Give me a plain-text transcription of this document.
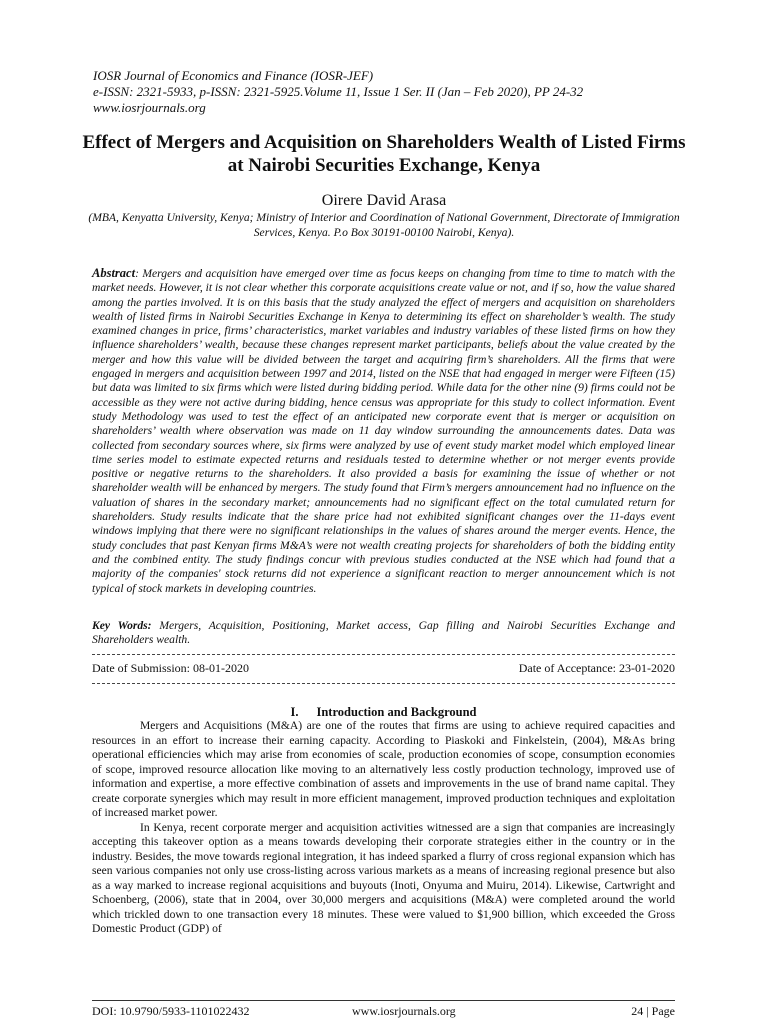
IOSR Journal of Economics and Finance (IOSR-JEF)
e-ISSN: 2321-5933, p-ISSN: 2321-5925.Volume 11, Issue 1 Ser. II (Jan – Feb 2020), PP 24-32
www.iosrjournals.org
Effect of Mergers and Acquisition on Shareholders Wealth of Listed Firms at Nairobi Securities Exchange, Kenya
Oirere David Arasa
(MBA, Kenyatta University, Kenya; Ministry of Interior and Coordination of National Government, Directorate of Immigration Services, Kenya. P.o Box 30191-00100 Nairobi, Kenya).
Abstract: Mergers and acquisition have emerged over time as focus keeps on changing from time to time to match with the market needs. However, it is not clear whether this corporate acquisitions create value or not, and if so, how the value shared among the parties involved. It is on this basis that the study analyzed the effect of mergers and acquisition on shareholders wealth of listed firms in Nairobi Securities Exchange in Kenya to determining its effect on shareholder’s wealth. The study examined changes in price, firms’ characteristics, market variables and industry variables of these listed firms on how they influence shareholders’ wealth, because these changes represent market participants, beliefs about the value created by the merger and how this value will be divided between the target and acquiring firm’s shareholders. All the firms that were engaged in mergers and acquisition between 1997 and 2014, listed on the NSE that had engaged in merger were Fifteen (15) but data was limited to six firms which were listed during bidding period. While data for the other nine (9) firms could not be accessible as they were not active during bidding, hence census was appropriate for this study to collect information. Event study Methodology was used to test the effect of an anticipated new corporate event that is merger or acquisition on shareholders’ wealth where observation was made on 11 day window surrounding the announcements dates. Data was collected from secondary sources where, six firms were analyzed by use of event study market model which employed linear time series model to estimate expected returns and residuals tested to determine whether or not merger events provide positive or negative returns to the shareholders. It also provided a basis for examining the issue of whether or not shareholder wealth will be enhanced by mergers. The study found that Firm’s mergers announcement had no influence on the valuation of shares in the secondary market; announcements had no significant effect on the total cumulated return for shareholders. Study results indicate that the share price had not exhibited significant changes over the 11-days event windows implying that there were no significant relationships in the values of shares around the merger events. Hence, the study concludes that past Kenyan firms M&A’s were not wealth creating projects for shareholders of both the bidding entity and the combined entity. The study findings concur with previous studies conducted at the NSE which had found that a majority of the companies' stock returns did not experience a significant reaction to merger announcement which is not typical of stock markets in developing countries.
Key Words: Mergers, Acquisition, Positioning, Market access, Gap filling and Nairobi Securities Exchange and Shareholders wealth.
Date of Submission: 08-01-2020	Date of Acceptance: 23-01-2020
I. Introduction and Background

Mergers and Acquisitions (M&A) are one of the routes that firms are using to achieve required capacities and resources in an effort to increase their earning capacity. According to Piaskoki and Finkelstein, (2004), M&As bring operational efficiencies which may arise from economies of scale, production economies of scope, consumption economies of scope, improved resource allocation like moving to an alternatively less costly production technology, improved use of information and expertise, a more effective combination of assets and improvements in the use of brand name capital. They create corporate synergies which may result in more efficient management, improved production techniques and exploitation of increased market power.

In Kenya, recent corporate merger and acquisition activities witnessed are a sign that companies are increasingly accepting this takeover option as a means towards developing their corporate strategies either in the country or in the industry. Besides, the move towards regional integration, it has indeed sparked a flurry of cross regional expansion which has seen various companies not only use cross-listing across various markets as a means of increasing regional presence but also as a way marked to increase regional acquisitions and buyouts (Inoti, Onyuma and Muiru, 2014). Likewise, Cartwright and Schoenberg, (2006), state that in 2004, over 30,000 mergers and acquisitions (M&A) were completed around the world which trickled down to one transaction every 18 minutes. These were valued to $1,900 billion, which exceeded the Gross Domestic Product (GDP) of

DOI: 10.9790/5933-1101022432	www.iosrjournals.org	24 | Page
